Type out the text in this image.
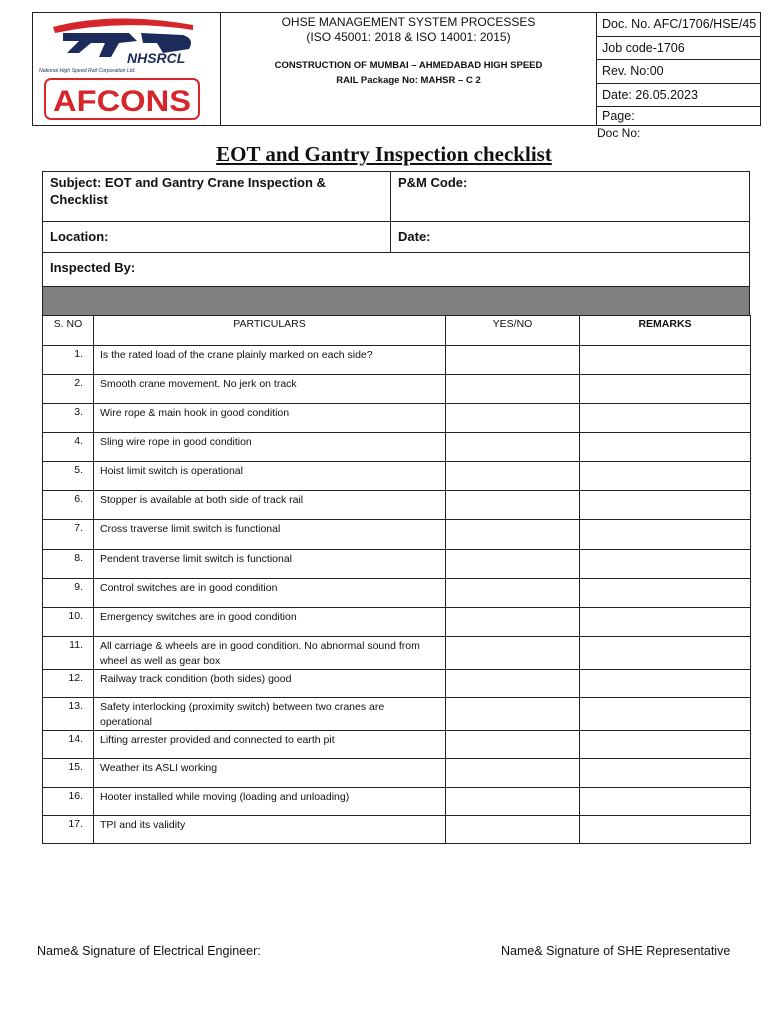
NHSRCL
National High Speed Rail Corporation Ltd.
AFCONS
OHSE MANAGEMENT SYSTEM PROCESSES
(ISO 45001: 2018 & ISO 14001: 2015)
CONSTRUCTION OF MUMBAI – AHMEDABAD HIGH SPEED
RAIL Package No: MAHSR – C 2
Doc. No. AFC/1706/HSE/45
Job code-1706
Rev. No:00
Date: 26.05.2023
Page:
Doc No:
EOT and Gantry Inspection checklist
Subject: EOT and Gantry Crane Inspection & Checklist
P&M Code:
Location:	Date:
Inspected By:
S. NO	PARTICULARS	YES/NO	REMARKS
1.	Is the rated load of the crane plainly marked on each side?		
2.	Smooth crane movement. No jerk on track		
3.	Wire rope & main hook in good condition		
4.	Sling wire rope in good condition		
5.	Hoist limit switch is operational		
6.	Stopper is available at both side of track rail		
7.	Cross traverse limit switch is functional		
8.	Pendent traverse limit switch is functional		
9.	Control switches are in good condition		
10.	Emergency switches are in good condition		
11.	All carriage & wheels are in good condition. No abnormal sound from wheel as well as gear box		
12.	Railway track condition (both sides) good		
13.	Safety interlocking (proximity switch) between two cranes are operational		
14.	Lifting arrester provided and connected to earth pit		
15.	Weather its ASLI working		
16.	Hooter installed while moving (loading and unloading)		
17.	TPI and its validity		
Name& Signature of Electrical Engineer:	Name& Signature of SHE Representative
